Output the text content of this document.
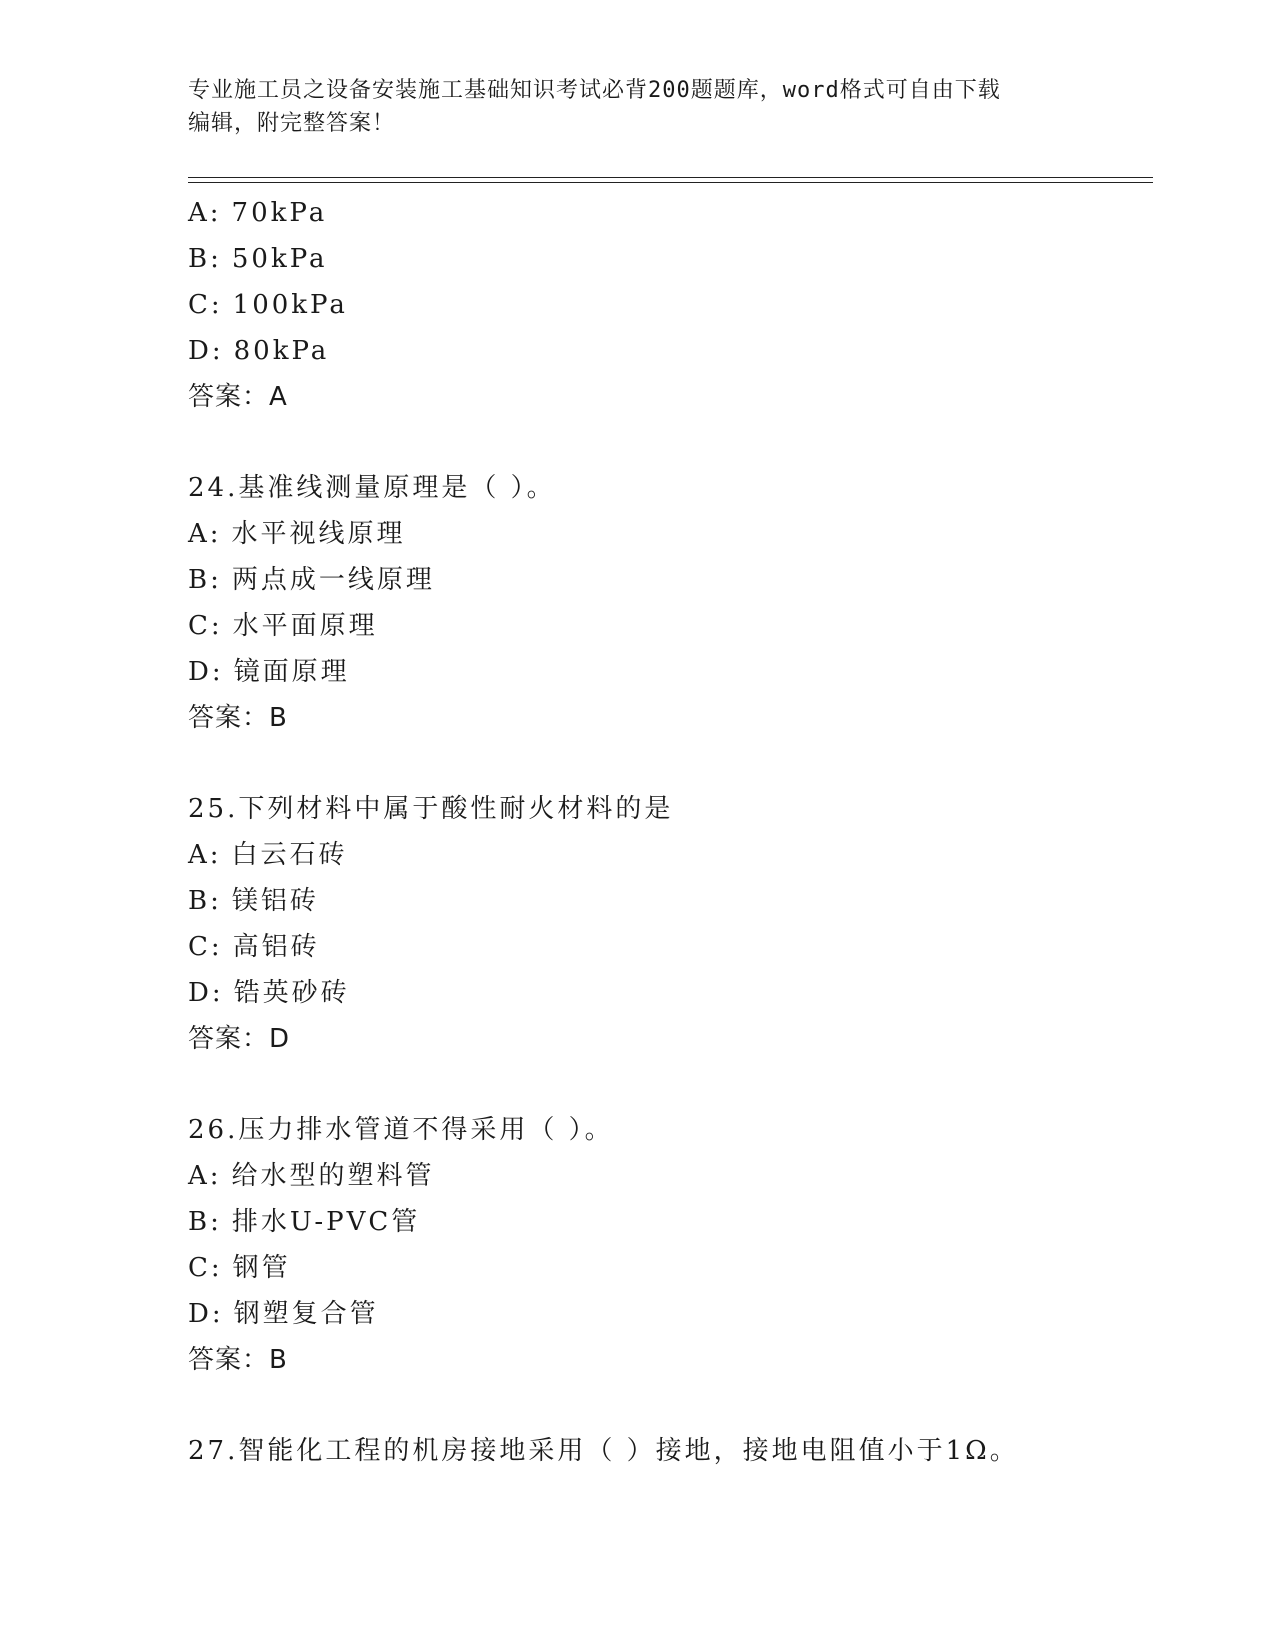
专业施工员之设备安装施工基础知识考试必背200题题库，word格式可自由下载
编辑，附完整答案！
A: 70kPa
B: 50kPa
C: 100kPa
D: 80kPa
答案：A
24.基准线测量原理是（ ）。
A: 水平视线原理
B: 两点成一线原理
C: 水平面原理
D: 镜面原理
答案：B
25.下列材料中属于酸性耐火材料的是
A: 白云石砖
B: 镁铝砖
C: 高铝砖
D: 锆英砂砖
答案：D
26.压力排水管道不得采用（ ）。
A: 给水型的塑料管
B: 排水U-PVC管
C: 钢管
D: 钢塑复合管
答案：B
27.智能化工程的机房接地采用（ ）接地，接地电阻值小于1Ω。
